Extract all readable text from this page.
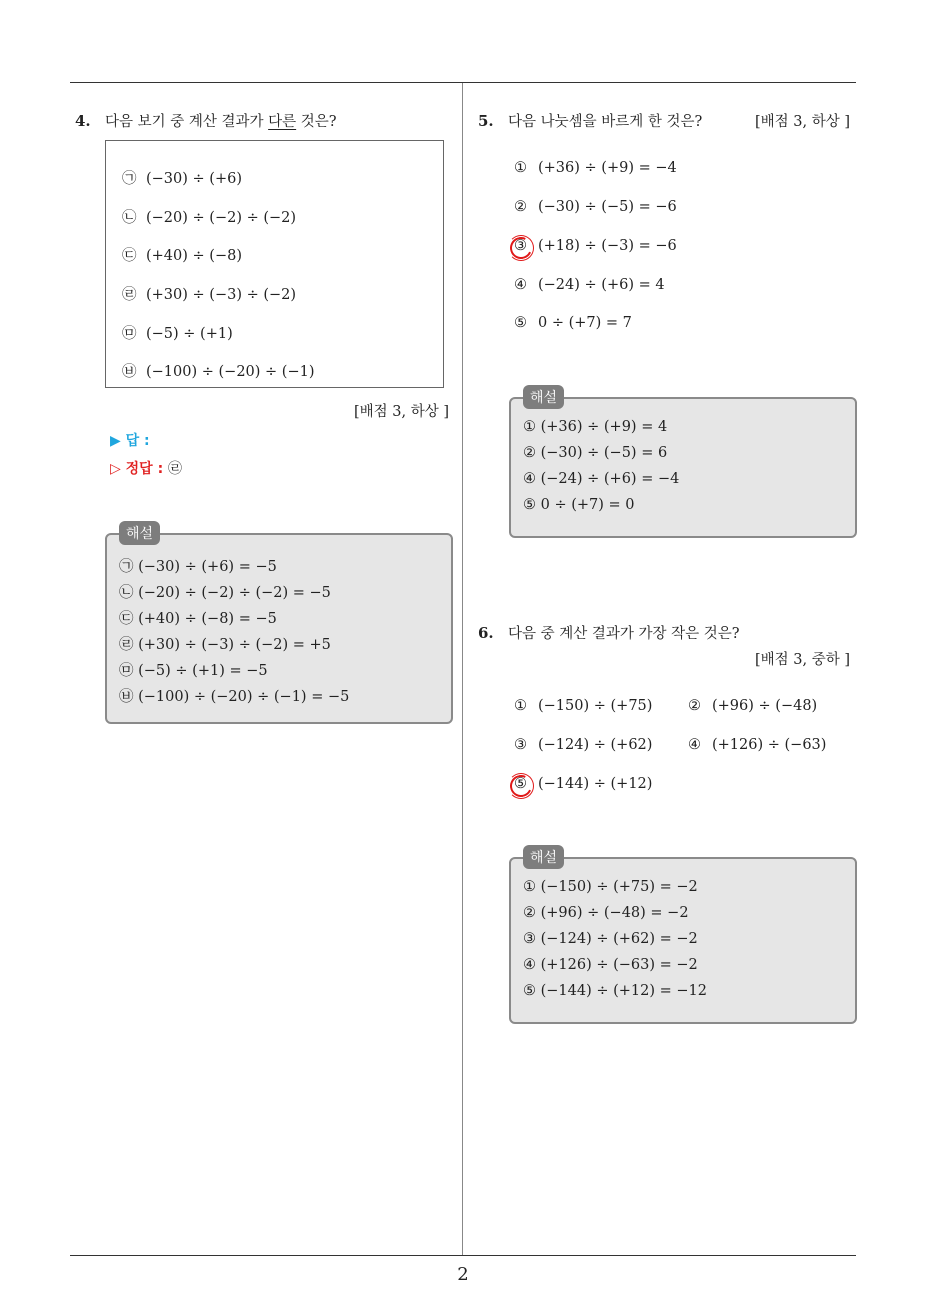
2
4. 다음 보기 중 계산 결과가 다른 것은?
㉠ (−30) ÷ (+6)
㉡ (−20) ÷ (−2) ÷ (−2)
㉢ (+40) ÷ (−8)
㉣ (+30) ÷ (−3) ÷ (−2)
㉤ (−5) ÷ (+1)
㉥ (−100) ÷ (−20) ÷ (−1)
[배점 3, 하상 ]
▶ 답 :
▷ 정답 : ㉣
해설
㉠ (−30) ÷ (+6) = −5
㉡ (−20) ÷ (−2) ÷ (−2) = −5
㉢ (+40) ÷ (−8) = −5
㉣ (+30) ÷ (−3) ÷ (−2) = +5
㉤ (−5) ÷ (+1) = −5
㉥ (−100) ÷ (−20) ÷ (−1) = −5
5. 다음 나눗셈을 바르게 한 것은?	[배점 3, 하상 ]
① (+36) ÷ (+9) = −4
② (−30) ÷ (−5) = −6
③ (+18) ÷ (−3) = −6
④ (−24) ÷ (+6) = 4
⑤ 0 ÷ (+7) = 7
해설
① (+36) ÷ (+9) = 4
② (−30) ÷ (−5) = 6
④ (−24) ÷ (+6) = −4
⑤ 0 ÷ (+7) = 0
6. 다음 중 계산 결과가 가장 작은 것은?
[배점 3, 중하 ]
① (−150) ÷ (+75) ② (+96) ÷ (−48)
③ (−124) ÷ (+62) ④ (+126) ÷ (−63)
⑤ (−144) ÷ (+12)
해설
① (−150) ÷ (+75) = −2
② (+96) ÷ (−48) = −2
③ (−124) ÷ (+62) = −2
④ (+126) ÷ (−63) = −2
⑤ (−144) ÷ (+12) = −12
